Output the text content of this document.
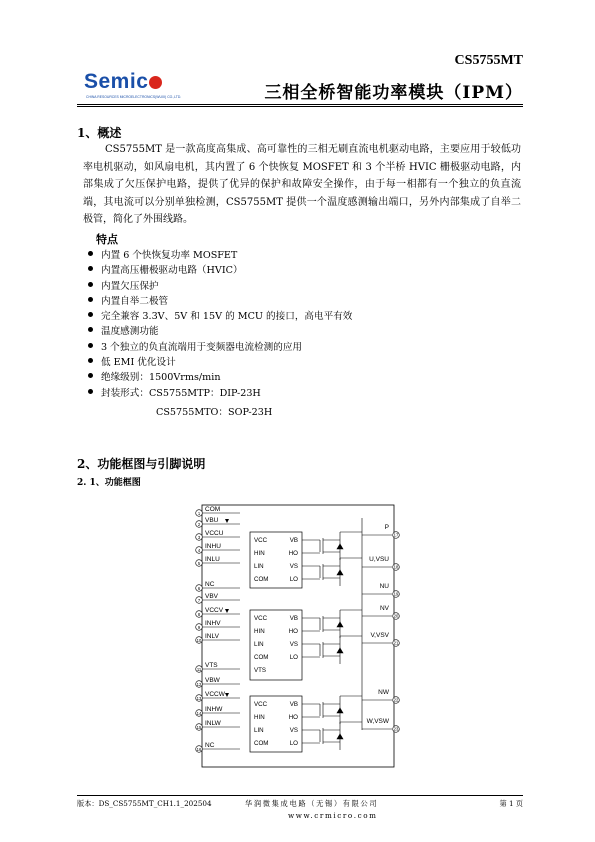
CS5755MT
Semic
CHINA RESOURCES MICROELECTRONICS(WUXI) CO.,LTD.	三相全桥智能功率模块（IPM）
1、概述
CS5755MT 是一款高度高集成、高可靠性的三相无刷直流电机驱动电路，主要应用于较低功率电机驱动，如风扇电机，其内置了 6 个快恢复 MOSFET 和 3 个半桥 HVIC 栅极驱动电路，内部集成了欠压保护电路，提供了优异的保护和故障安全操作，由于每一相都有一个独立的负直流端，其电流可以分别单独检测，CS5755MT 提供一个温度感测输出端口，另外内部集成了自举二极管，简化了外围线路。
特点
内置 6 个快恢复功率 MOSFET
内置高压栅极驱动电路（HVIC）
内置欠压保护
内置自举二极管
完全兼容 3.3V、5V 和 15V 的 MCU 的接口，高电平有效
温度感测功能
3 个独立的负直流端用于变频器电流检测的应用
低 EMI 优化设计
绝缘级别：1500Vrms/min
封装形式：CS5755MTP：DIP-23H
CS5755MTO：SOP-23H
2、功能框图与引脚说明
2. 1、功能框图
1
COM
2
VBU
3
VCCU
4
INHU
5
INLU
6
NC
7
VBV
8
VCCV
9
INHV
10
INLV
11
VTS
12
VBW
13
VCCW
14
INHW
15
INLW
16
NC
17
P
18
U,VSU
19
NU
20
NV
21
V,VSV
22
NW
23
W,VSW
VCC
HIN
LIN
COM
VB
HO
VS
LO
VCC
HIN
LIN
COM
VTS
VB
HO
VS
LO
VCC
HIN
LIN
COM
VB
HO
VS
LO
版本：DS_CS5755MT_CH1.1_202504	华润微集成电路（无锡）有限公司	第 1 页
www.crmicro.com
